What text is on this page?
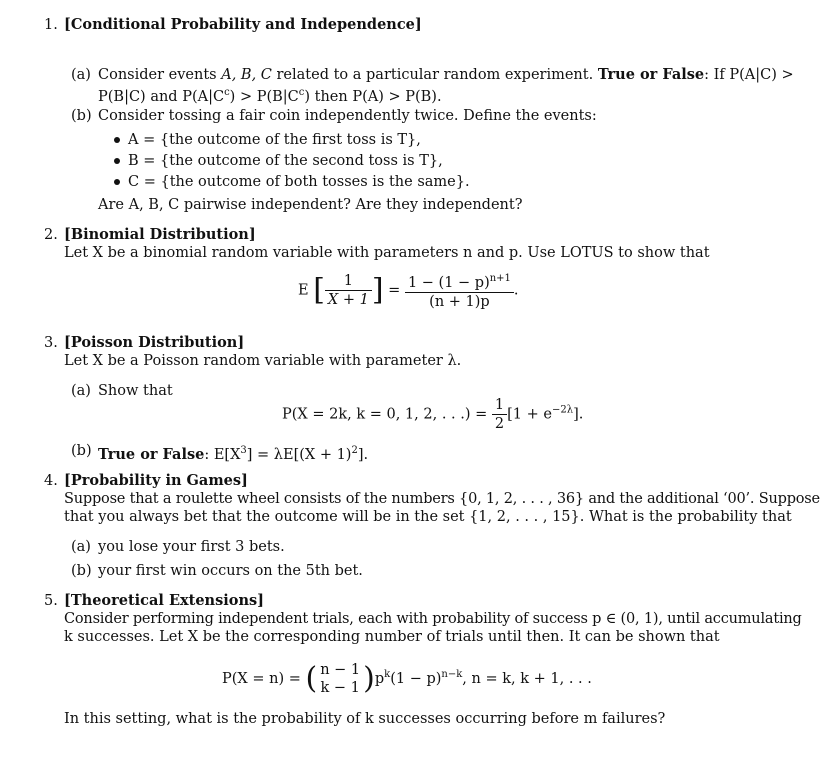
1. [Conditional Probability and Independence]
(a) Consider events A, B, C related to a particular random experiment. True or False: If P(A|C) >
P(B|C) and $P(A|C^c) > P(B|C^c)$ then P(A) > P(B).
(b) Consider tossing a fair coin independently twice. Define the events:
A = {the outcome of the first toss is T},
B = {the outcome of the second toss is T},
C = {the outcome of both tosses is the same}.
Are A, B, C pairwise independent? Are they independent?
2. [Binomial Distribution]
Let X be a binomial random variable with parameters n and p. Use LOTUS to show that
E [ $\frac{1}{X + 1}$ ] = $\frac{1 - (1 - p)^{n+1}}{(n + 1)p}$ .
3. [Poisson Distribution]
Let X be a Poisson random variable with parameter λ.
(a) Show that
P(X = 2k, k = 0, 1, 2, . . .) = $\frac{1}{2} [1 + e^{-2\lambda}]$.
(b) True or False: $E[X^3] = \lambda E[(X + 1)^2]$.
4. [Probability in Games]
Suppose that a roulette wheel consists of the numbers {0, 1, 2, . . . , 36} and the additional ‘00’. Suppose
that you always bet that the outcome will be in the set {1, 2, . . . , 15}. What is the probability that
(a) you lose your first 3 bets.
(b) your first win occurs on the 5th bet.
5. [Theoretical Extensions]
Consider performing independent trials, each with probability of success p ∈ (0, 1), until accumulating
k successes. Let X be the corresponding number of trials until then. It can be shown that
P(X = n) = ( n − 1
k − 1 )$p^k(1 - p)^{n-k}$, n = k, k + 1, . . .
In this setting, what is the probability of k successes occurring before m failures?
